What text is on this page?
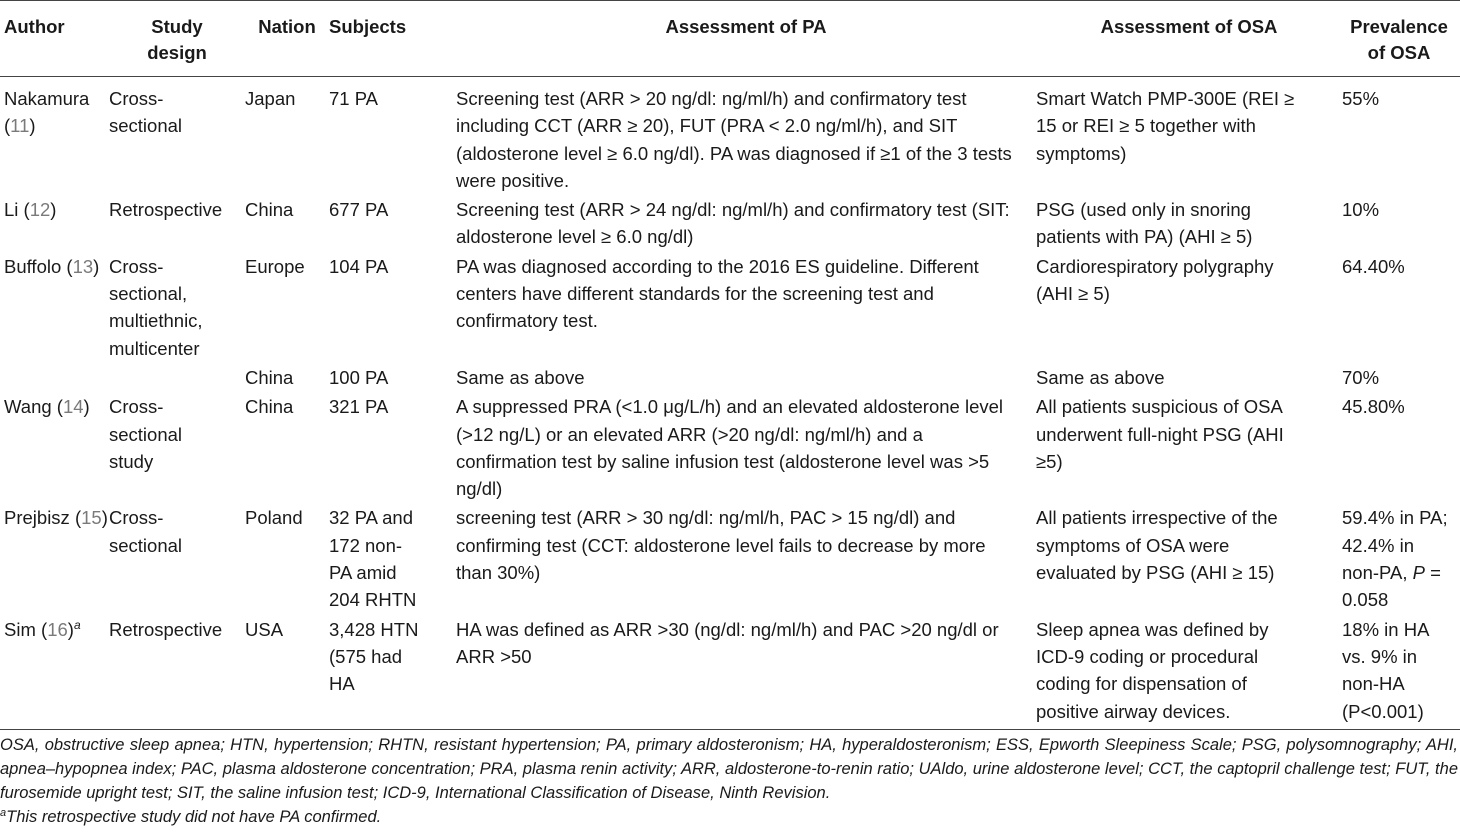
Author	Study design	Nation	Subjects	Assessment of PA	Assessment of OSA	Prevalence of OSA
Nakamura (11)	Cross-sectional	Japan	71 PA	Screening test (ARR > 20 ng/dl: ng/ml/h) and confirmatory test including CCT (ARR ≥ 20), FUT (PRA < 2.0 ng/ml/h), and SIT (aldosterone level ≥ 6.0 ng/dl). PA was diagnosed if ≥1 of the 3 tests were positive.	Smart Watch PMP-300E (REI ≥ 15 or REI ≥ 5 together with symptoms)	55%

Li (12)	Retrospective	China	677 PA	Screening test (ARR > 24 ng/dl: ng/ml/h) and confirmatory test (SIT: aldosterone level ≥ 6.0 ng/dl)	PSG (used only in snoring patients with PA) (AHI ≥ 5)	10%

Buffolo (13)	Cross-sectional, multiethnic, multicenter	Europe	104 PA	PA was diagnosed according to the 2016 ES guideline. Different centers have different standards for the screening test and confirmatory test.	Cardiorespiratory polygraphy (AHI ≥ 5)	64.40%

		China	100 PA	Same as above	Same as above	70%

Wang (14)	Cross-sectional study	China	321 PA	A suppressed PRA (<1.0 μg/L/h) and an elevated aldosterone level (>12 ng/L) or an elevated ARR (>20 ng/dl: ng/ml/h) and a confirmation test by saline infusion test (aldosterone level was >5 ng/dl)	All patients suspicious of OSA underwent full-night PSG (AHI ≥5)	45.80%

Prejbisz (15)	Cross-sectional	Poland	32 PA and 172 non-PA amid 204 RHTN	screening test (ARR > 30 ng/dl: ng/ml/h, PAC > 15 ng/dl) and confirming test (CCT: aldosterone level fails to decrease by more than 30%)	All patients irrespective of the symptoms of OSA were evaluated by PSG (AHI ≥ 15)	59.4% in PA; 42.4% in non-PA, P = 0.058

Sim $(16)^a$	Retrospective	USA	3,428 HTN (575 had HA	HA was defined as ARR >30 (ng/dl: ng/ml/h) and PAC >20 ng/dl or ARR >50	Sleep apnea was defined by ICD-9 coding or procedural coding for dispensation of positive airway devices.	18% in HA vs. 9% in non-HA (P<0.001)
OSA, obstructive sleep apnea; HTN, hypertension; RHTN, resistant hypertension; PA, primary aldosteronism; HA, hyperaldosteronism; ESS, Epworth Sleepiness Scale; PSG, polysomnography; AHI, apnea–hypopnea index; PAC, plasma aldosterone concentration; PRA, plasma renin activity; ARR, aldosterone-to-renin ratio; UAldo, urine aldosterone level; CCT, the captopril challenge test; FUT, the furosemide upright test; SIT, the saline infusion test; ICD-9, International Classification of Disease, Ninth Revision.
$^a$This retrospective study did not have PA confirmed.
